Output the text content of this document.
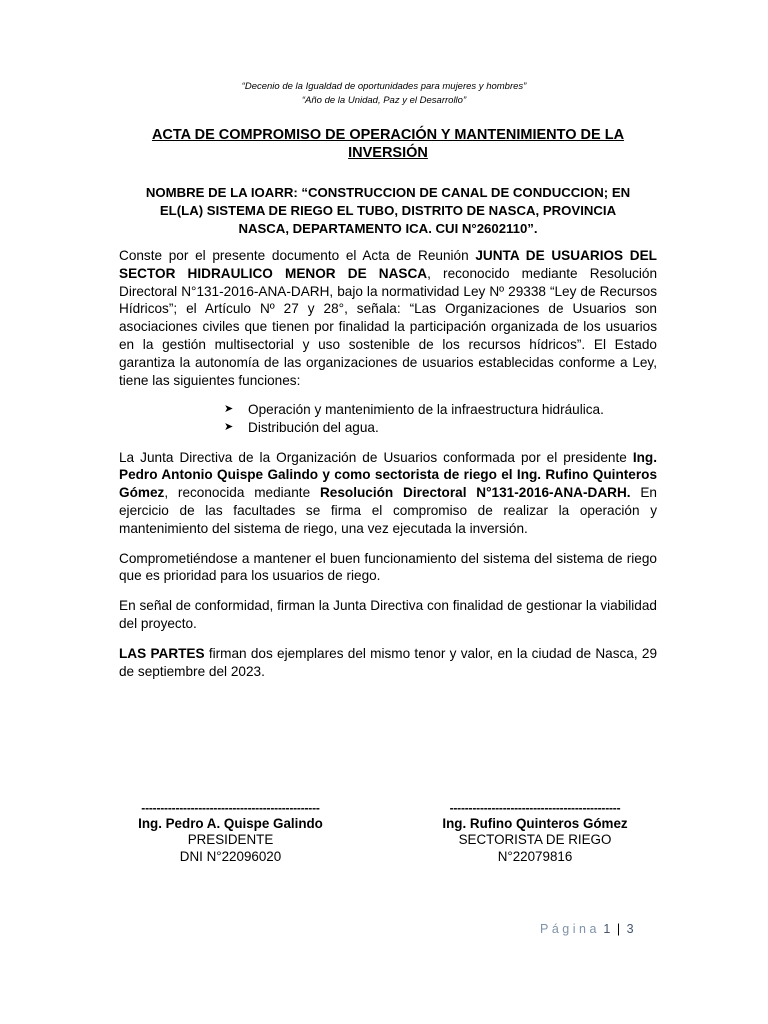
“Decenio de la Igualdad de oportunidades para mujeres y hombres”
“Año de la Unidad, Paz y el Desarrollo”
ACTA DE COMPROMISO DE OPERACIÓN Y MANTENIMIENTO DE LA
INVERSIÓN
NOMBRE DE LA IOARR: “CONSTRUCCION DE CANAL DE CONDUCCION; EN
EL(LA) SISTEMA DE RIEGO EL TUBO, DISTRITO DE NASCA, PROVINCIA
NASCA, DEPARTAMENTO ICA. CUI N°2602110”.

Conste por el presente documento el Acta de Reunión JUNTA DE USUARIOS DEL SECTOR HIDRAULICO MENOR DE NASCA, reconocido mediante Resolución Directoral N°131-2016-ANA-DARH, bajo la normatividad Ley Nº 29338 “Ley de Recursos Hídricos”; el Artículo Nº 27 y 28°, señala: “Las Organizaciones de Usuarios son asociaciones civiles que tienen por finalidad la participación organizada de los usuarios en la gestión multisectorial y uso sostenible de los recursos hídricos”. El Estado garantiza la autonomía de las organizaciones de usuarios establecidas conforme a Ley, tiene las siguientes funciones:

➤ Operación y mantenimiento de la infraestructura hidráulica.
➤ Distribución del agua.

La Junta Directiva de la Organización de Usuarios conformada por el presidente Ing. Pedro Antonio Quispe Galindo y como sectorista de riego el Ing. Rufino Quinteros Gómez, reconocida mediante Resolución Directoral N°131-2016-ANA-DARH. En ejercicio de las facultades se firma el compromiso de realizar la operación y mantenimiento del sistema de riego, una vez ejecutada la inversión.

Comprometiéndose a mantener el buen funcionamiento del sistema del sistema de riego que es prioridad para los usuarios de riego.

En señal de conformidad, firman la Junta Directiva con finalidad de gestionar la viabilidad del proyecto.

LAS PARTES firman dos ejemplares del mismo tenor y valor, en la ciudad de Nasca, 29 de septiembre del 2023.

-----------------------------------------------
Ing. Pedro A. Quispe Galindo
PRESIDENTE
DNI N°22096020
---------------------------------------------
Ing. Rufino Quinteros Gómez
SECTORISTA DE RIEGO
N°22079816
Página 1 | 3
